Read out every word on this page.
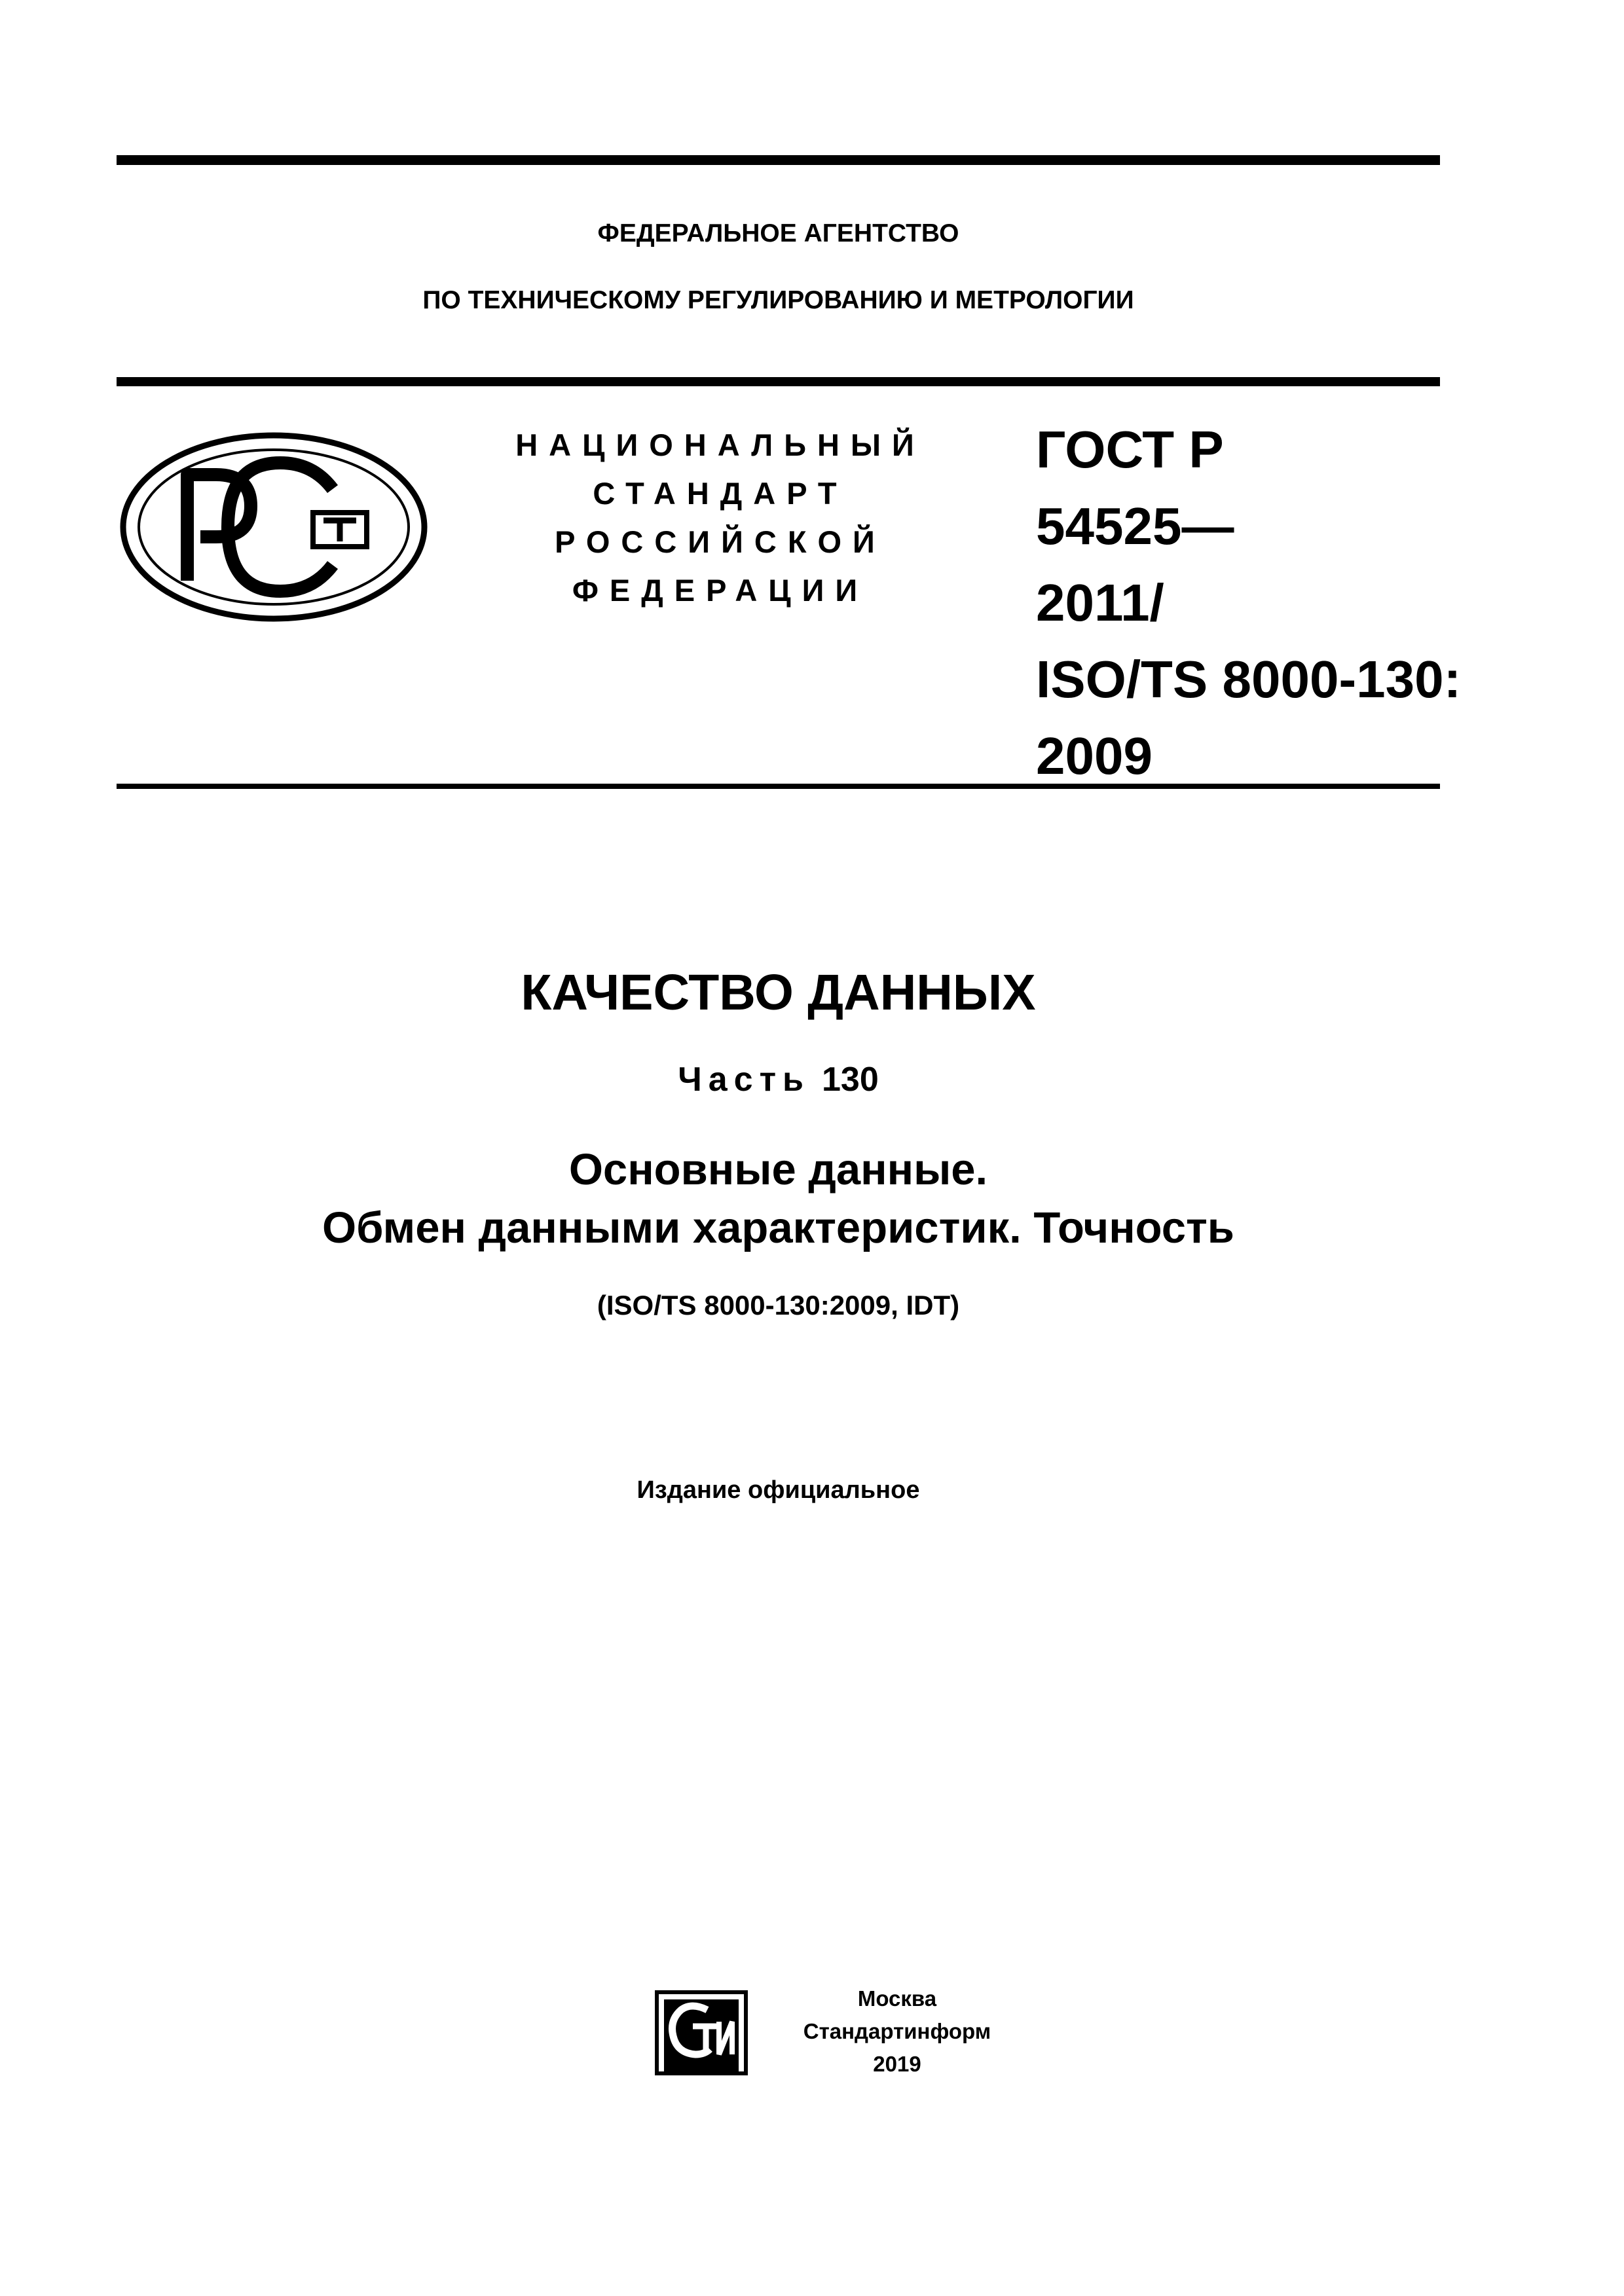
ФЕДЕРАЛЬНОЕ АГЕНТСТВО
ПО ТЕХНИЧЕСКОМУ РЕГУЛИРОВАНИЮ И МЕТРОЛОГИИ
НАЦИОНАЛЬНЫЙ
СТАНДАРТ
РОССИЙСКОЙ
ФЕДЕРАЦИИ
ГОСТ Р
54525—
2011/
ISO/TS 8000-130:
2009
КАЧЕСТВО ДАННЫХ
Часть 130
Основные данные.
Обмен данными характеристик. Точность
(ISO/TS 8000-130:2009, IDT)
Издание официальное
Москва
Стандартинформ
2019
